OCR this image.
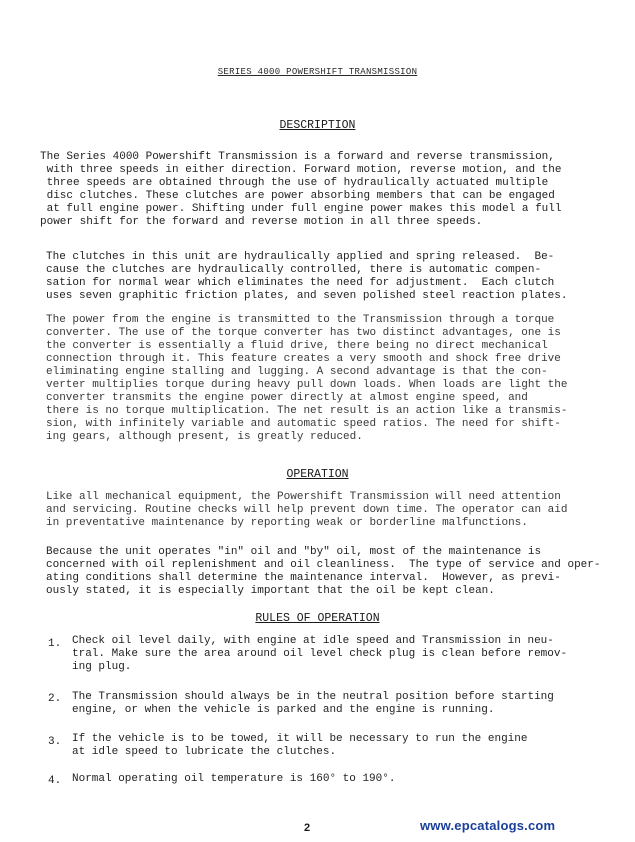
SERIES 4000 POWERSHIFT TRANSMISSION
DESCRIPTION

The Series 4000 Powershift Transmission is a forward and reverse transmission,
with three speeds in either direction. Forward motion, reverse motion, and the
three speeds are obtained through the use of hydraulically actuated multiple
disc clutches. These clutches are power absorbing members that can be engaged
at full engine power. Shifting under full engine power makes this model a full
power shift for the forward and reverse motion in all three speeds.

The clutches in this unit are hydraulically applied and spring released.  Be-
cause the clutches are hydraulically controlled, there is automatic compen-
sation for normal wear which eliminates the need for adjustment.  Each clutch
uses seven graphitic friction plates, and seven polished steel reaction plates.

The power from the engine is transmitted to the Transmission through a torque
converter. The use of the torque converter has two distinct advantages, one is
the converter is essentially a fluid drive, there being no direct mechanical
connection through it. This feature creates a very smooth and shock free drive
eliminating engine stalling and lugging. A second advantage is that the con-
verter multiplies torque during heavy pull down loads. When loads are light the
converter transmits the engine power directly at almost engine speed, and
there is no torque multiplication. The net result is an action like a transmis-
sion, with infinitely variable and automatic speed ratios. The need for shift-
ing gears, although present, is greatly reduced.

OPERATION

Like all mechanical equipment, the Powershift Transmission will need attention
and servicing. Routine checks will help prevent down time. The operator can aid
in preventative maintenance by reporting weak or borderline malfunctions.

Because the unit operates "in" oil and "by" oil, most of the maintenance is
concerned with oil replenishment and oil cleanliness.  The type of service and oper-
ating conditions shall determine the maintenance interval.  However, as previ-
ously stated, it is especially important that the oil be kept clean.

RULES OF OPERATION
1. Check oil level daily, with engine at idle speed and Transmission in neu-
tral. Make sure the area around oil level check plug is clean before remov-
ing plug.

2. The Transmission should always be in the neutral position before starting
engine, or when the vehicle is parked and the engine is running.

3. If the vehicle is to be towed, it will be necessary to run the engine
at idle speed to lubricate the clutches.

4. Normal operating oil temperature is 160° to 190°.

2	www.epcatalogs.com
